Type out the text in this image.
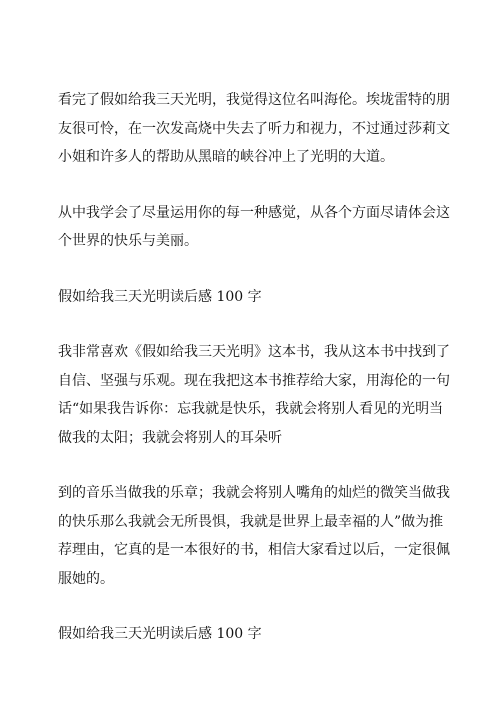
看完了假如给我三天光明，我觉得这位名叫海伦。埃垅雷特的朋
友很可怜，在一次发高烧中失去了听力和视力，不过通过莎莉文
小姐和许多人的帮助从黑暗的峡谷冲上了光明的大道。

从中我学会了尽量运用你的每一种感觉，从各个方面尽请体会这
个世界的快乐与美丽。

假如给我三天光明读后感 100 字

我非常喜欢《假如给我三天光明》这本书，我从这本书中找到了
自信、坚强与乐观。现在我把这本书推荐给大家，用海伦的一句
话“如果我告诉你：忘我就是快乐，我就会将别人看见的光明当
做我的太阳；我就会将别人的耳朵听

到的音乐当做我的乐章；我就会将别人嘴角的灿烂的微笑当做我
的快乐那么我就会无所畏惧，我就是世界上最幸福的人”做为推
荐理由，它真的是一本很好的书，相信大家看过以后，一定很佩
服她的。

假如给我三天光明读后感 100 字
